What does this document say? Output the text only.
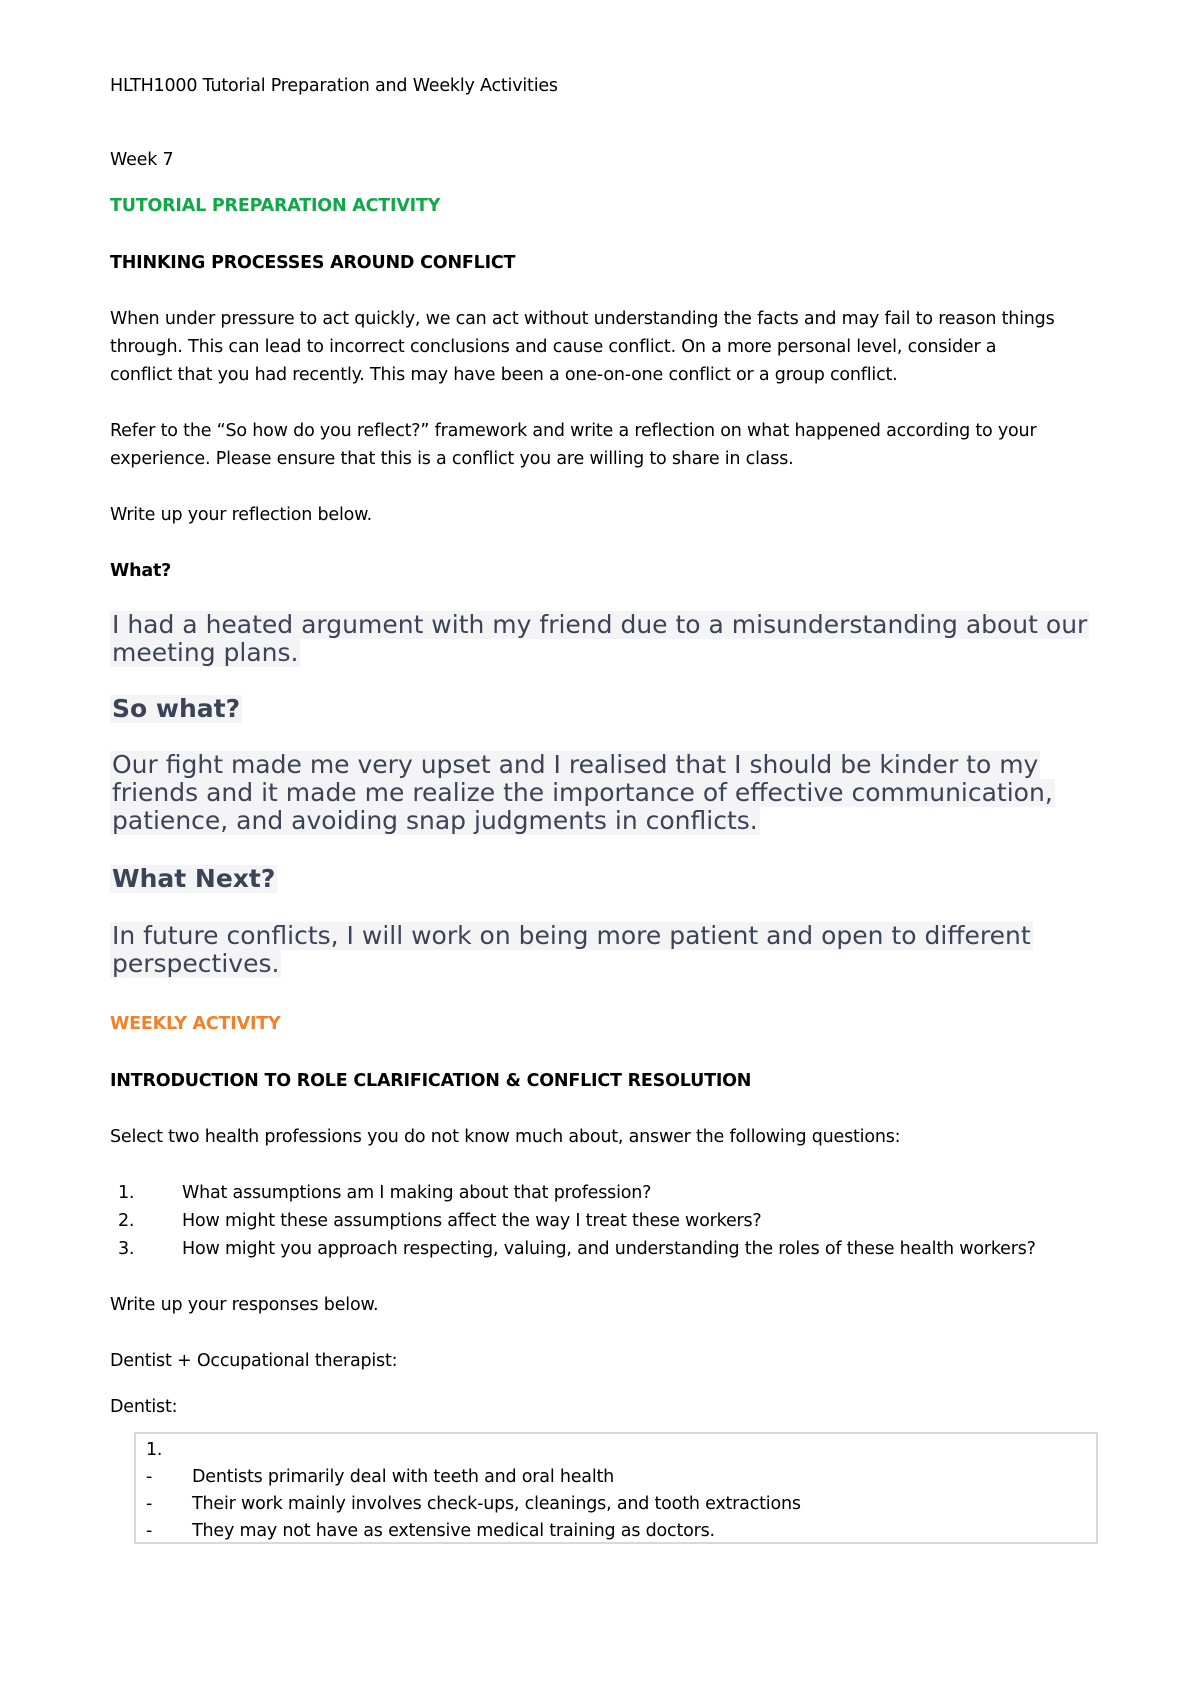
HLTH1000 Tutorial Preparation and Weekly Activities
Week 7
TUTORIAL PREPARATION ACTIVITY
THINKING PROCESSES AROUND CONFLICT
When under pressure to act quickly, we can act without understanding the facts and may fail to reason things
through. This can lead to incorrect conclusions and cause conflict. On a more personal level, consider a
conflict that you had recently. This may have been a one-on-one conflict or a group conflict.
Refer to the “So how do you reflect?” framework and write a reflection on what happened according to your
experience. Please ensure that this is a conflict you are willing to share in class.
Write up your reflection below.
What?
I had a heated argument with my friend due to a misunderstanding about our
meeting plans.
So what?
Our fight made me very upset and I realised that I should be kinder to my
friends and it made me realize the importance of effective communication,
patience, and avoiding snap judgments in conflicts.
What Next?
In future conflicts, I will work on being more patient and open to different
perspectives.
WEEKLY ACTIVITY
INTRODUCTION TO ROLE CLARIFICATION & CONFLICT RESOLUTION
Select two health professions you do not know much about, answer the following questions:
1.	What assumptions am I making about that profession?
2.	How might these assumptions affect the way I treat these workers?
3.	How might you approach respecting, valuing, and understanding the roles of these health workers?
Write up your responses below.
Dentist + Occupational therapist:
Dentist:
1.
- Dentists primarily deal with teeth and oral health
- Their work mainly involves check-ups, cleanings, and tooth extractions
- They may not have as extensive medical training as doctors.
